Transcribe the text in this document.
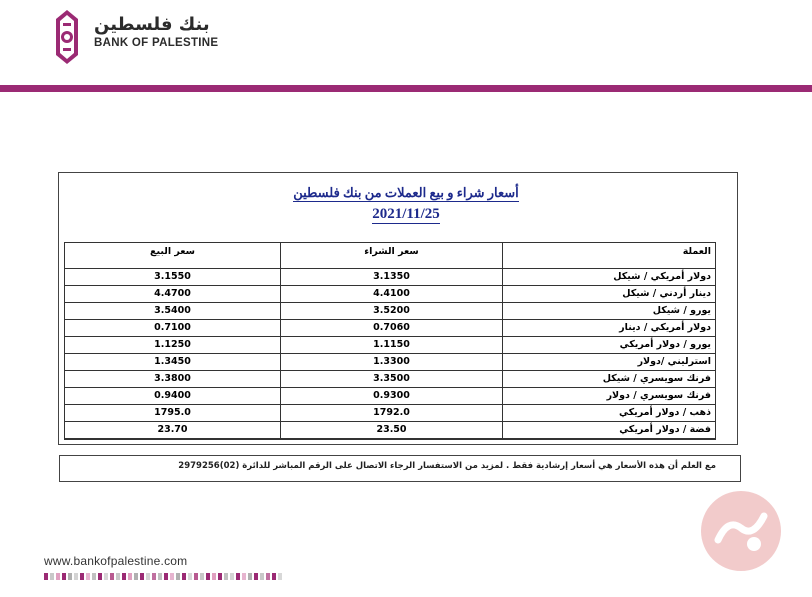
بنك فلسطين
BANK OF PALESTINE
أسعار شراء و بيع العملات من بنك فلسطين
2021/11/25
سعر البيع	سعر الشراء	العملة
3.1550	3.1350	دولار أمريكي / شيكل
4.4700	4.4100	دينار أردني / شيكل
3.5400	3.5200	يورو / شيكل
0.7100	0.7060	دولار أمريكي / دينار
1.1250	1.1150	يورو / دولار أمريكي
1.3450	1.3300	استرليني /دولار
3.3800	3.3500	فرنك سويسري / شيكل
0.9400	0.9300	فرنك سويسري / دولار
1795.0	1792.0	ذهب / دولار أمريكي
23.70	23.50	فضة / دولار أمريكي

مع العلم أن هذه الأسعار هي أسعار إرشادية فقط . لمزيد من الاستفسار الرجاء الاتصال على الرقم المباشر للدائرة (02)2979256
www.bankofpalestine.com
